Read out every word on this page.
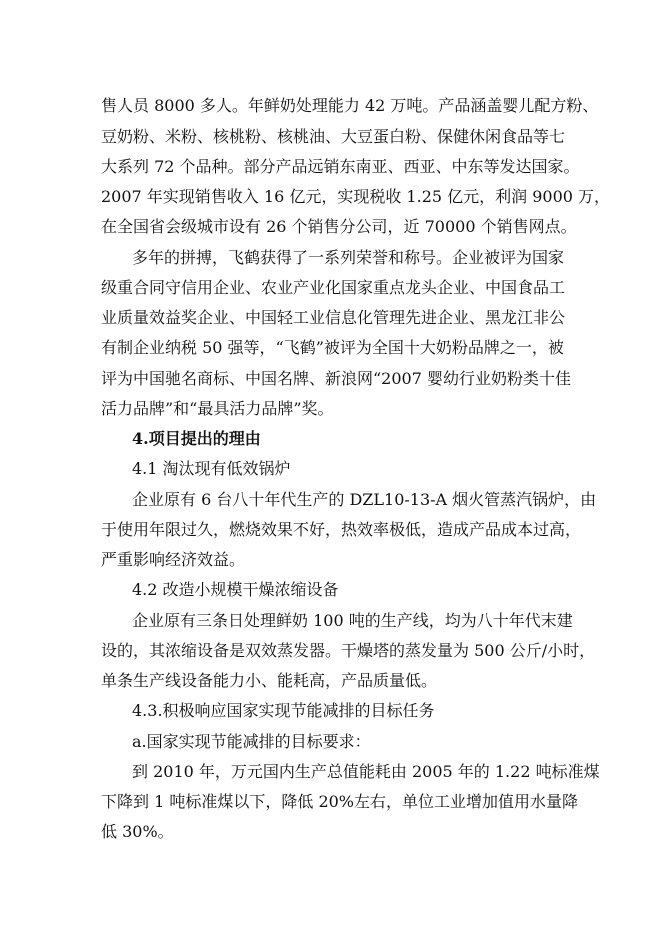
售人员 8000 多人。年鲜奶处理能力 42 万吨。产品涵盖婴儿配方粉、
豆奶粉、米粉、核桃粉、核桃油、大豆蛋白粉、保健休闲食品等七
大系列 72 个品种。部分产品远销东南亚、西亚、中东等发达国家。
2007 年实现销售收入 16 亿元，实现税收 1.25 亿元，利润 9000 万，
在全国省会级城市设有 26 个销售分公司，近 70000 个销售网点。
多年的拼搏，飞鹤获得了一系列荣誉和称号。企业被评为国家
级重合同守信用企业、农业产业化国家重点龙头企业、中国食品工
业质量效益奖企业、中国轻工业信息化管理先进企业、黑龙江非公
有制企业纳税 50 强等，“飞鹤”被评为全国十大奶粉品牌之一，被
评为中国驰名商标、中国名牌、新浪网“2007 婴幼行业奶粉类十佳
活力品牌”和“最具活力品牌”奖。
4.项目提出的理由
4.1 淘汰现有低效锅炉
企业原有 6 台八十年代生产的 DZL10-13-A 烟火管蒸汽锅炉，由
于使用年限过久，燃烧效果不好，热效率极低，造成产品成本过高，
严重影响经济效益。
4.2 改造小规模干燥浓缩设备
企业原有三条日处理鲜奶 100 吨的生产线，均为八十年代末建
设的，其浓缩设备是双效蒸发器。干燥塔的蒸发量为 500 公斤/小时，
单条生产线设备能力小、能耗高，产品质量低。
4.3.积极响应国家实现节能减排的目标任务
a.国家实现节能减排的目标要求：
到 2010 年，万元国内生产总值能耗由 2005 年的 1.22 吨标准煤
下降到 1 吨标准煤以下，降低 20%左右，单位工业增加值用水量降
低 30%。
